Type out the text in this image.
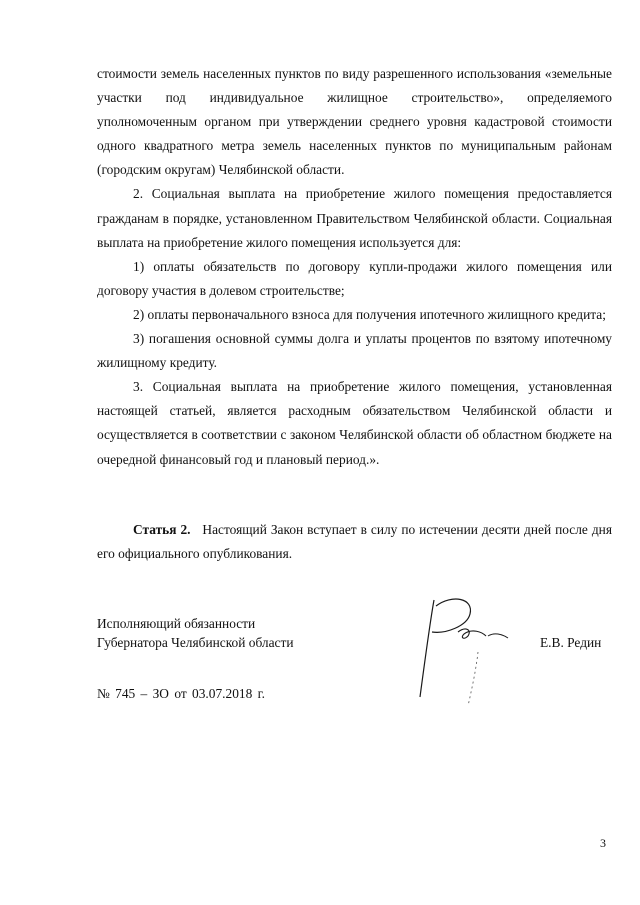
стоимости земель населенных пунктов по виду разрешенного использования «земельные участки под индивидуальное жилищное строительство», определяемого уполномоченным органом при утверждении среднего уровня кадастровой стоимости одного квадратного метра земель населенных пунктов по муниципальным районам (городским округам) Челябинской области.

2. Социальная выплата на приобретение жилого помещения предоставляется гражданам в порядке, установленном Правительством Челябинской области. Социальная выплата на приобретение жилого помещения используется для:

1) оплаты обязательств по договору купли-продажи жилого помещения или договору участия в долевом строительстве;

2) оплаты первоначального взноса для получения ипотечного жилищного кредита;

3) погашения основной суммы долга и уплаты процентов по взятому ипотечному жилищному кредиту.

3. Социальная выплата на приобретение жилого помещения, установленная настоящей статьей, является расходным обязательством Челябинской области и осуществляется в соответствии с законом Челябинской области об областном бюджете на очередной финансовый год и плановый период.».

Статья 2. Настоящий Закон вступает в силу по истечении десяти дней после дня его официального опубликования.
Исполняющий обязанности
Губернатора Челябинской области	Е.В. Редин
№ 745 – ЗО от 03.07.2018 г.
3
